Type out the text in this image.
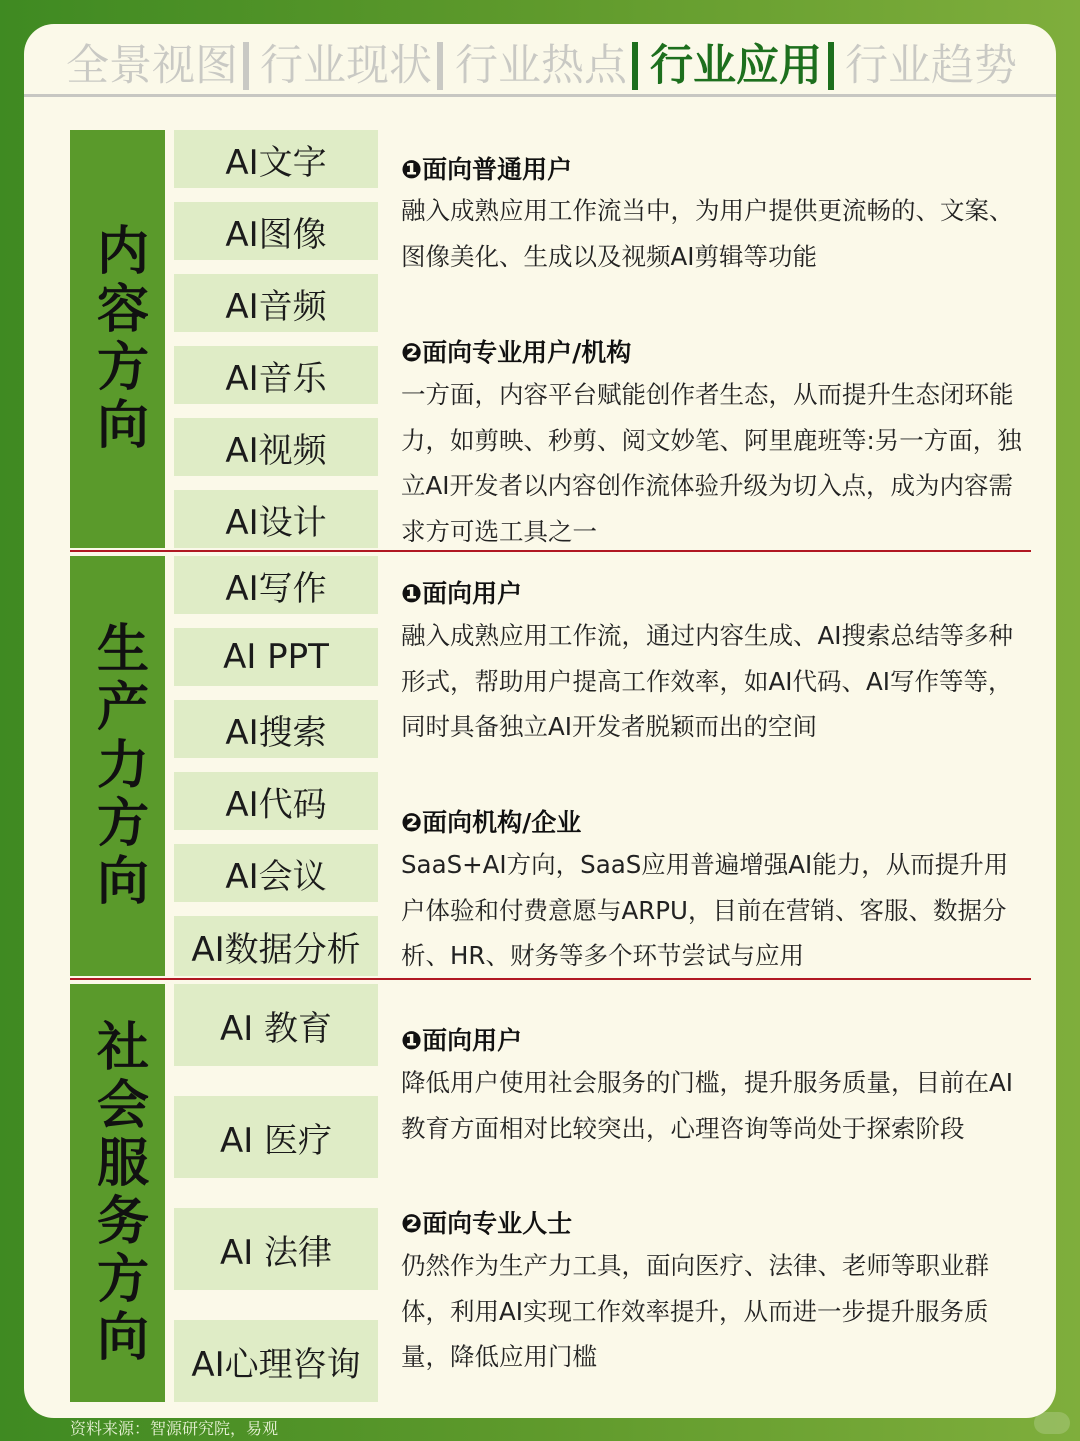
全景视图 行业现状 行业热点 行业应用 行业趋势
内容方向
AI文字
AI图像
AI音频
AI音乐
AI视频
AI设计
❶面向普通用户
融入成熟应用工作流当中，为用户提供更流畅的、文案、图像美化、生成以及视频AI剪辑等功能
❷面向专业用户/机构
一方面，内容平台赋能创作者生态，从而提升生态闭环能力，如剪映、秒剪、阅文妙笔、阿里鹿班等:另一方面，独立AI开发者以内容创作流体验升级为切入点，成为内容需求方可选工具之一
生产力方向
AI写作
AI PPT
AI搜索
AI代码
AI会议
AI数据分析
❶面向用户
融入成熟应用工作流，通过内容生成、AI搜索总结等多种形式，帮助用户提高工作效率，如AI代码、AI写作等等，同时具备独立AI开发者脱颖而出的空间
❷面向机构/企业
SaaS+AI方向，SaaS应用普遍增强AI能力，从而提升用户体验和付费意愿与ARPU，目前在营销、客服、数据分析、HR、财务等多个环节尝试与应用
社会服务方向	AI 教育
AI 医疗
AI 法律
AI心理咨询
❶面向用户
降低用户使用社会服务的门槛，提升服务质量，目前在AI教育方面相对比较突出，心理咨询等尚处于探索阶段
❷面向专业人士
仍然作为生产力工具，面向医疗、法律、老师等职业群体，利用AI实现工作效率提升，从而进一步提升服务质量，降低应用门槛
资料来源：智源研究院，易观
